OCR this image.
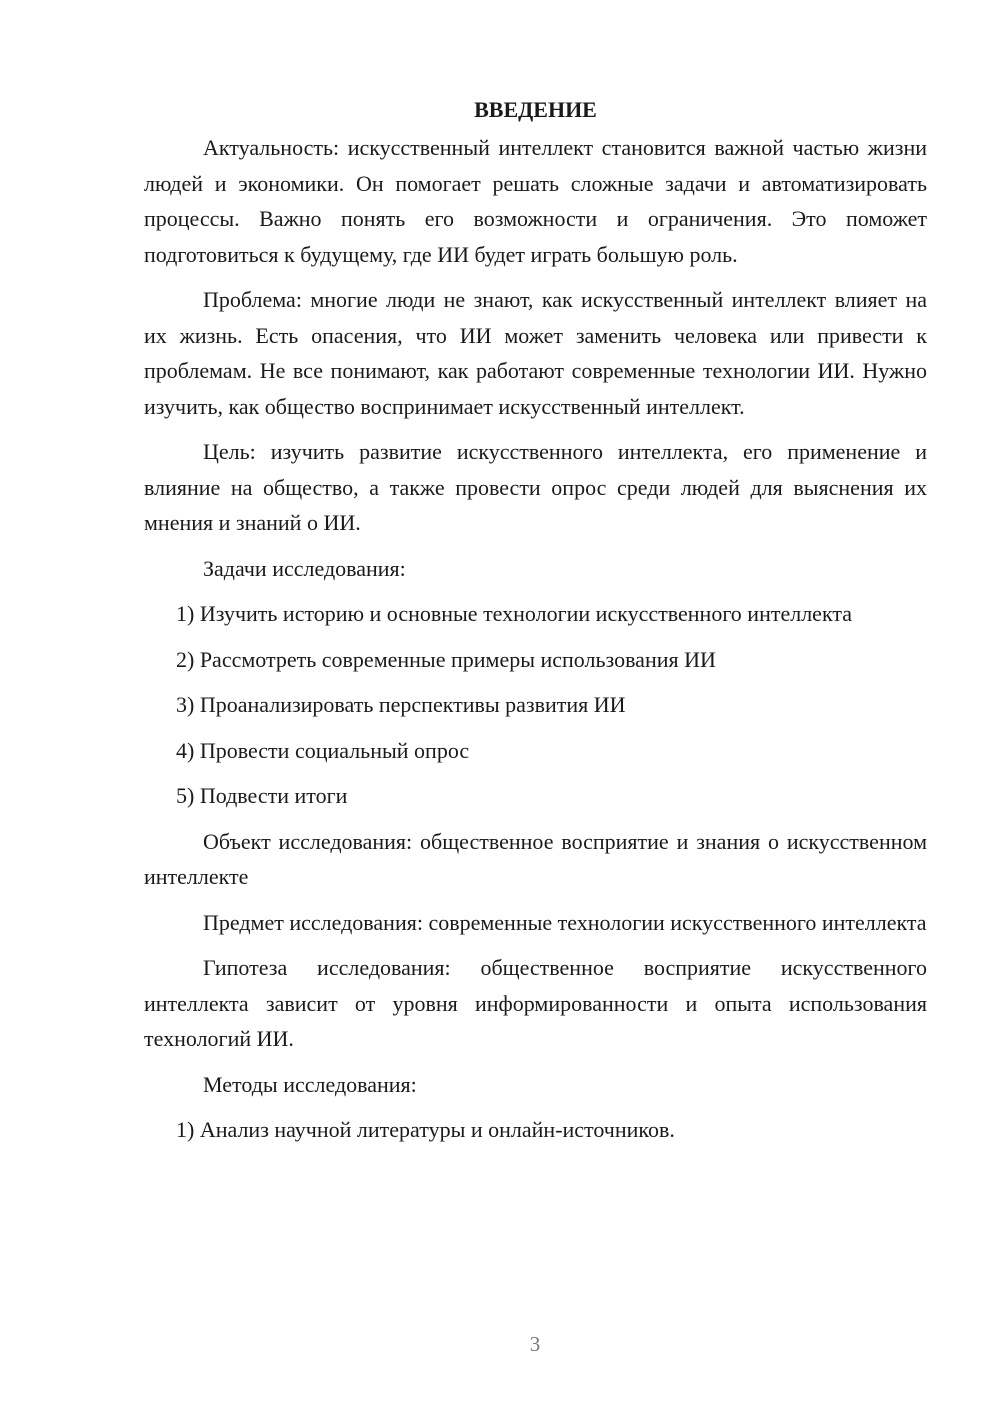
ВВЕДЕНИЕ

Актуальность: искусственный интеллект становится важной частью жизни людей и экономики. Он помогает решать сложные задачи и автоматизировать процессы. Важно понять его возможности и ограничения. Это поможет подготовиться к будущему, где ИИ будет играть большую роль.

Проблема: многие люди не знают, как искусственный интеллект влияет на их жизнь. Есть опасения, что ИИ может заменить человека или привести к проблемам. Не все понимают, как работают современные технологии ИИ. Нужно изучить, как общество воспринимает искусственный интеллект.

Цель: изучить развитие искусственного интеллекта, его применение и влияние на общество, а также провести опрос среди людей для выяснения их мнения и знаний о ИИ.

Задачи исследования:

1) Изучить историю и основные технологии искусственного интеллекта

2) Рассмотреть современные примеры использования ИИ

3) Проанализировать перспективы развития ИИ

4) Провести социальный опрос

5) Подвести итоги

Объект исследования: общественное восприятие и знания о искусственном интеллекте

Предмет исследования: современные технологии искусственного интеллекта

Гипотеза исследования: общественное восприятие искусственного интеллекта зависит от уровня информированности и опыта использования технологий ИИ.

Методы исследования:

1) Анализ научной литературы и онлайн-источников.

3
